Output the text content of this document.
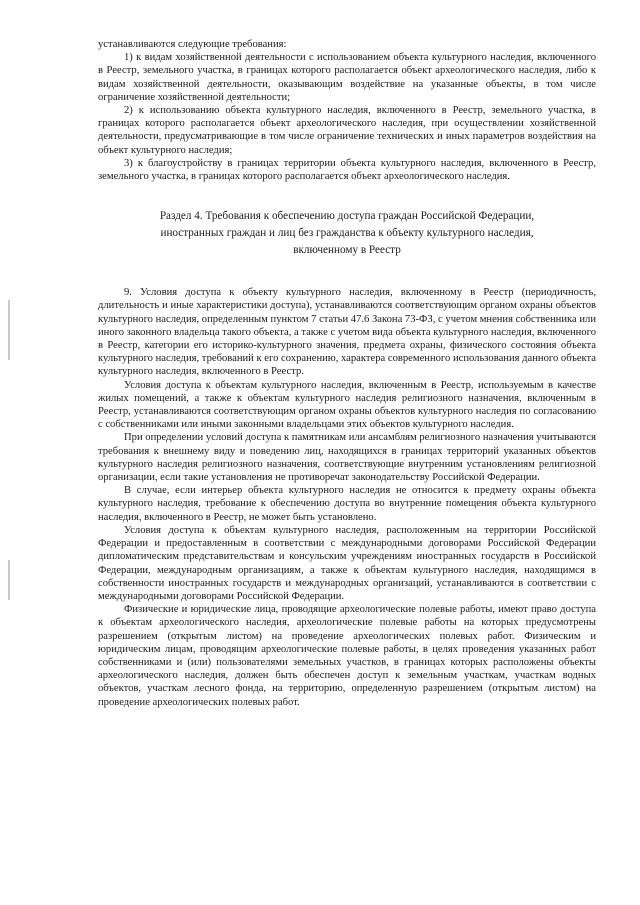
устанавливаются следующие требования:

1) к видам хозяйственной деятельности с использованием объекта культурного наследия, включенного в Реестр, земельного участка, в границах которого располагается объект археологического наследия, либо к видам хозяйственной деятельности, оказывающим воздействие на указанные объекты, в том числе ограничение хозяйственной деятельности;

2) к использованию объекта культурного наследия, включенного в Реестр, земельного участка, в границах которого располагается объект археологического наследия, при осуществлении хозяйственной деятельности, предусматривающие в том числе ограничение технических и иных параметров воздействия на объект культурного наследия;

3) к благоустройству в границах территории объекта культурного наследия, включенного в Реестр, земельного участка, в границах которого располагается объект археологического наследия.

Раздел 4. Требования к обеспечению доступа граждан Российской Федерации,
иностранных граждан и лиц без гражданства к объекту культурного наследия,
включенному в Реестр

9. Условия доступа к объекту культурного наследия, включенному в Реестр (периодичность, длительность и иные характеристики доступа), устанавливаются соответствующим органом охраны объектов культурного наследия, определенным пунктом 7 статьи 47.6 Закона 73-ФЗ, с учетом мнения собственника или иного законного владельца такого объекта, а также с учетом вида объекта культурного наследия, включенного в Реестр, категории его историко-культурного значения, предмета охраны, физического состояния объекта культурного наследия, требований к его сохранению, характера современного использования данного объекта культурного наследия, включенного в Реестр.

Условия доступа к объектам культурного наследия, включенным в Реестр, используемым в качестве жилых помещений, а также к объектам культурного наследия религиозного назначения, включенным в Реестр, устанавливаются соответствующим органом охраны объектов культурного наследия по согласованию с собственниками или иными законными владельцами этих объектов культурного наследия.

При определении условий доступа к памятникам или ансамблям религиозного назначения учитываются требования к внешнему виду и поведению лиц, находящихся в границах территорий указанных объектов культурного наследия религиозного назначения, соответствующие внутренним установлениям религиозной организации, если такие установления не противоречат законодательству Российской Федерации.

В случае, если интерьер объекта культурного наследия не относится к предмету охраны объекта культурного наследия, требование к обеспечению доступа во внутренние помещения объекта культурного наследия, включенного в Реестр, не может быть установлено.

Условия доступа к объектам культурного наследия, расположенным на территории Российской Федерации и предоставленным в соответствии с международными договорами Российской Федерации дипломатическим представительствам и консульским учреждениям иностранных государств в Российской Федерации, международным организациям, а также к объектам культурного наследия, находящимся в собственности иностранных государств и международных организаций, устанавливаются в соответствии с международными договорами Российской Федерации.

Физические и юридические лица, проводящие археологические полевые работы, имеют право доступа к объектам археологического наследия, археологические полевые работы на которых предусмотрены разрешением (открытым листом) на проведение археологических полевых работ. Физическим и юридическим лицам, проводящим археологические полевые работы, в целях проведения указанных работ собственниками и (или) пользователями земельных участков, в границах которых расположены объекты археологического наследия, должен быть обеспечен доступ к земельным участкам, участкам водных объектов, участкам лесного фонда, на территорию, определенную разрешением (открытым листом) на проведение археологических полевых работ.
